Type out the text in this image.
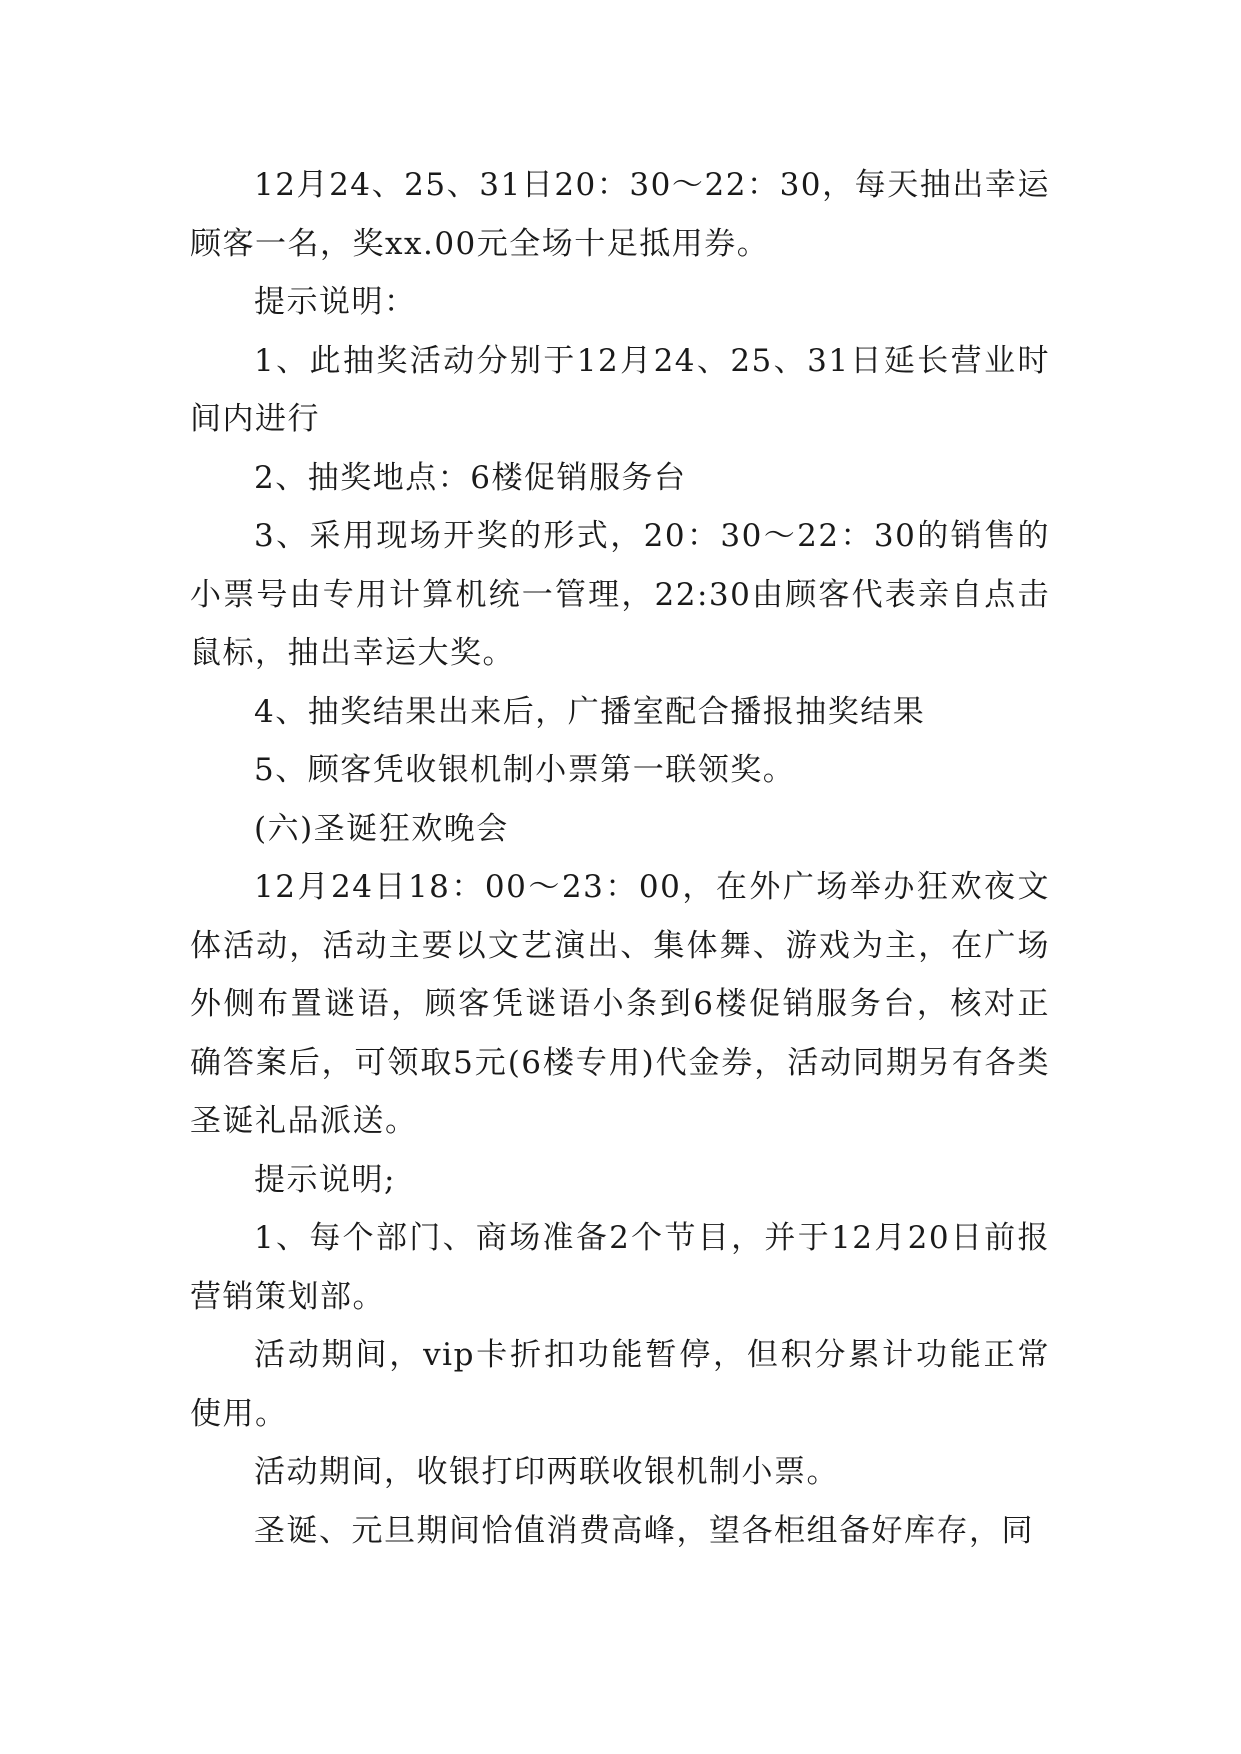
12月24、25、31日20：30～22：30，每天抽出幸运顾客一名，奖xx.00元全场十足抵用券。

提示说明：

1、此抽奖活动分别于12月24、25、31日延长营业时间内进行

2、抽奖地点：6楼促销服务台

3、采用现场开奖的形式，20：30～22：30的销售的小票号由专用计算机统一管理，22:30由顾客代表亲自点击鼠标，抽出幸运大奖。

4、抽奖结果出来后，广播室配合播报抽奖结果

5、顾客凭收银机制小票第一联领奖。

(六)圣诞狂欢晚会

12月24日18：00～23：00，在外广场举办狂欢夜文体活动，活动主要以文艺演出、集体舞、游戏为主，在广场外侧布置谜语，顾客凭谜语小条到6楼促销服务台，核对正确答案后，可领取5元(6楼专用)代金券，活动同期另有各类圣诞礼品派送。

提示说明;

1、每个部门、商场准备2个节目，并于12月20日前报营销策划部。

活动期间，vip卡折扣功能暂停，但积分累计功能正常使用。

活动期间，收银打印两联收银机制小票。

圣诞、元旦期间恰值消费高峰，望各柜组备好库存，同
